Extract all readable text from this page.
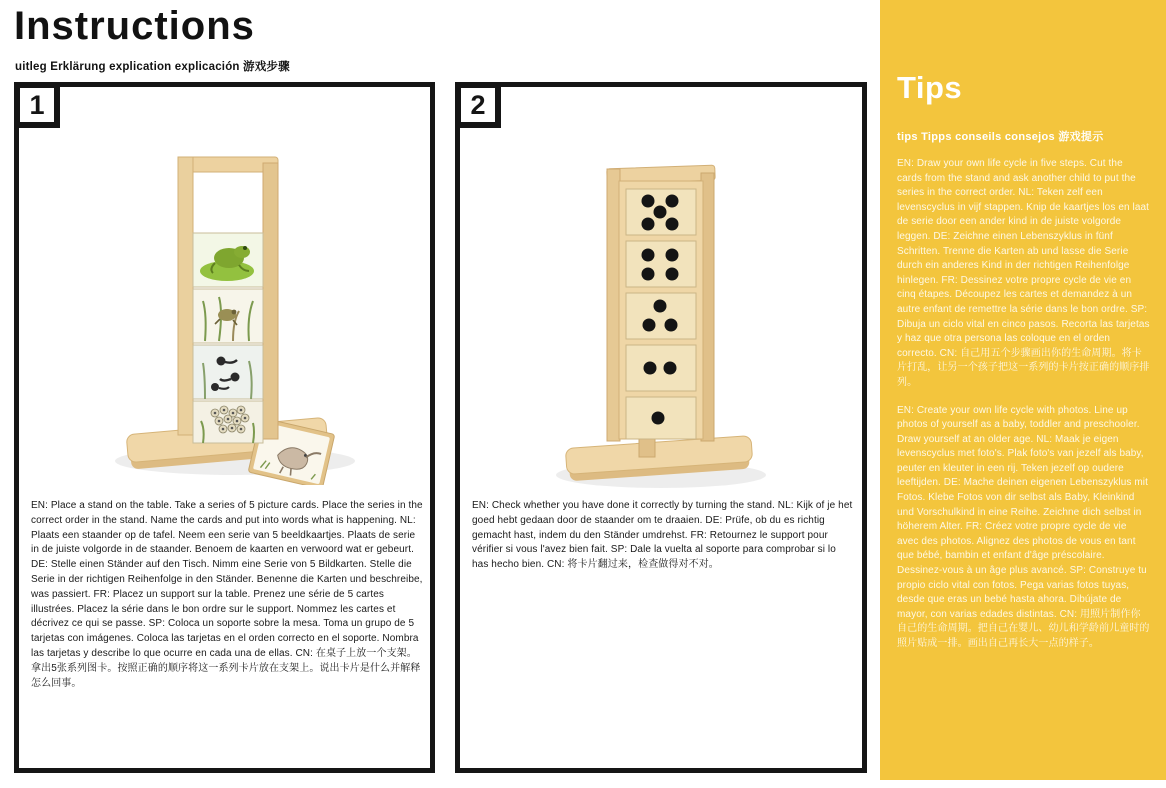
Instructions
uitleg Erklärung explication explicación 游戏步骤
1
EN: Place a stand on the table. Take a series of 5 picture cards. Place the series in the correct order in the stand. Name the cards and put into words what is happening. NL: Plaats een staander op de tafel. Neem een serie van 5 beeldkaartjes. Plaats de serie in de juiste volgorde in de staander. Benoem de kaarten en verwoord wat er gebeurt. DE: Stelle einen Ständer auf den Tisch. Nimm eine Serie von 5 Bildkarten. Stelle die Serie in der richtigen Reihenfolge in den Ständer. Benenne die Karten und beschreibe, was passiert. FR: Placez un support sur la table. Prenez une série de 5 cartes illustrées. Placez la série dans le bon ordre sur le support. Nommez les cartes et décrivez ce qui se passe. SP: Coloca un soporte sobre la mesa. Toma un grupo de 5 tarjetas con imágenes. Coloca las tarjetas en el orden correcto en el soporte. Nombra las tarjetas y describe lo que ocurre en cada una de ellas. CN: 在桌子上放一个支架。拿出5张系列图卡。按照正确的顺序将这一系列卡片放在支架上。说出卡片是什么并解释怎么回事。
2
EN: Check whether you have done it correctly by turning the stand. NL: Kijk of je het goed hebt gedaan door de staander om te draaien. DE: Prüfe, ob du es richtig gemacht hast, indem du den Ständer umdrehst. FR: Retournez le support pour vérifier si vous l'avez bien fait. SP: Dale la vuelta al soporte para comprobar si lo has hecho bien. CN: 将卡片翻过来，检查做得对不对。
Tips
tips Tipps conseils consejos 游戏提示
EN: Draw your own life cycle in five steps. Cut the cards from the stand and ask another child to put the series in the correct order. NL: Teken zelf een levenscyclus in vijf stappen. Knip de kaartjes los en laat de serie door een ander kind in de juiste volgorde leggen. DE: Zeichne einen Lebenszyklus in fünf Schritten. Trenne die Karten ab und lasse die Serie durch ein anderes Kind in der richtigen Reihenfolge hinlegen. FR: Dessinez votre propre cycle de vie en cinq étapes. Découpez les cartes et demandez à un autre enfant de remettre la série dans le bon ordre. SP: Dibuja un ciclo vital en cinco pasos. Recorta las tarjetas y haz que otra persona las coloque en el orden correcto. CN: 自己用五个步骤画出你的生命周期。将卡片打乱，让另一个孩子把这一系列的卡片按正确的顺序排列。
EN: Create your own life cycle with photos. Line up photos of yourself as a baby, toddler and preschooler. Draw yourself at an older age. NL: Maak je eigen levenscyclus met foto's. Plak foto's van jezelf als baby, peuter en kleuter in een rij. Teken jezelf op oudere leeftijden. DE: Mache deinen eigenen Lebenszyklus mit Fotos. Klebe Fotos von dir selbst als Baby, Kleinkind und Vorschulkind in eine Reihe. Zeichne dich selbst in höherem Alter. FR: Créez votre propre cycle de vie avec des photos. Alignez des photos de vous en tant que bébé, bambin et enfant d'âge préscolaire. Dessinez-vous à un âge plus avancé. SP: Construye tu propio ciclo vital con fotos. Pega varias fotos tuyas, desde que eras un bebé hasta ahora. Dibújate de mayor, con varias edades distintas. CN: 用照片制作你自己的生命周期。把自己在婴儿、幼儿和学龄前儿童时的照片贴成一排。画出自己再长大一点的样子。
